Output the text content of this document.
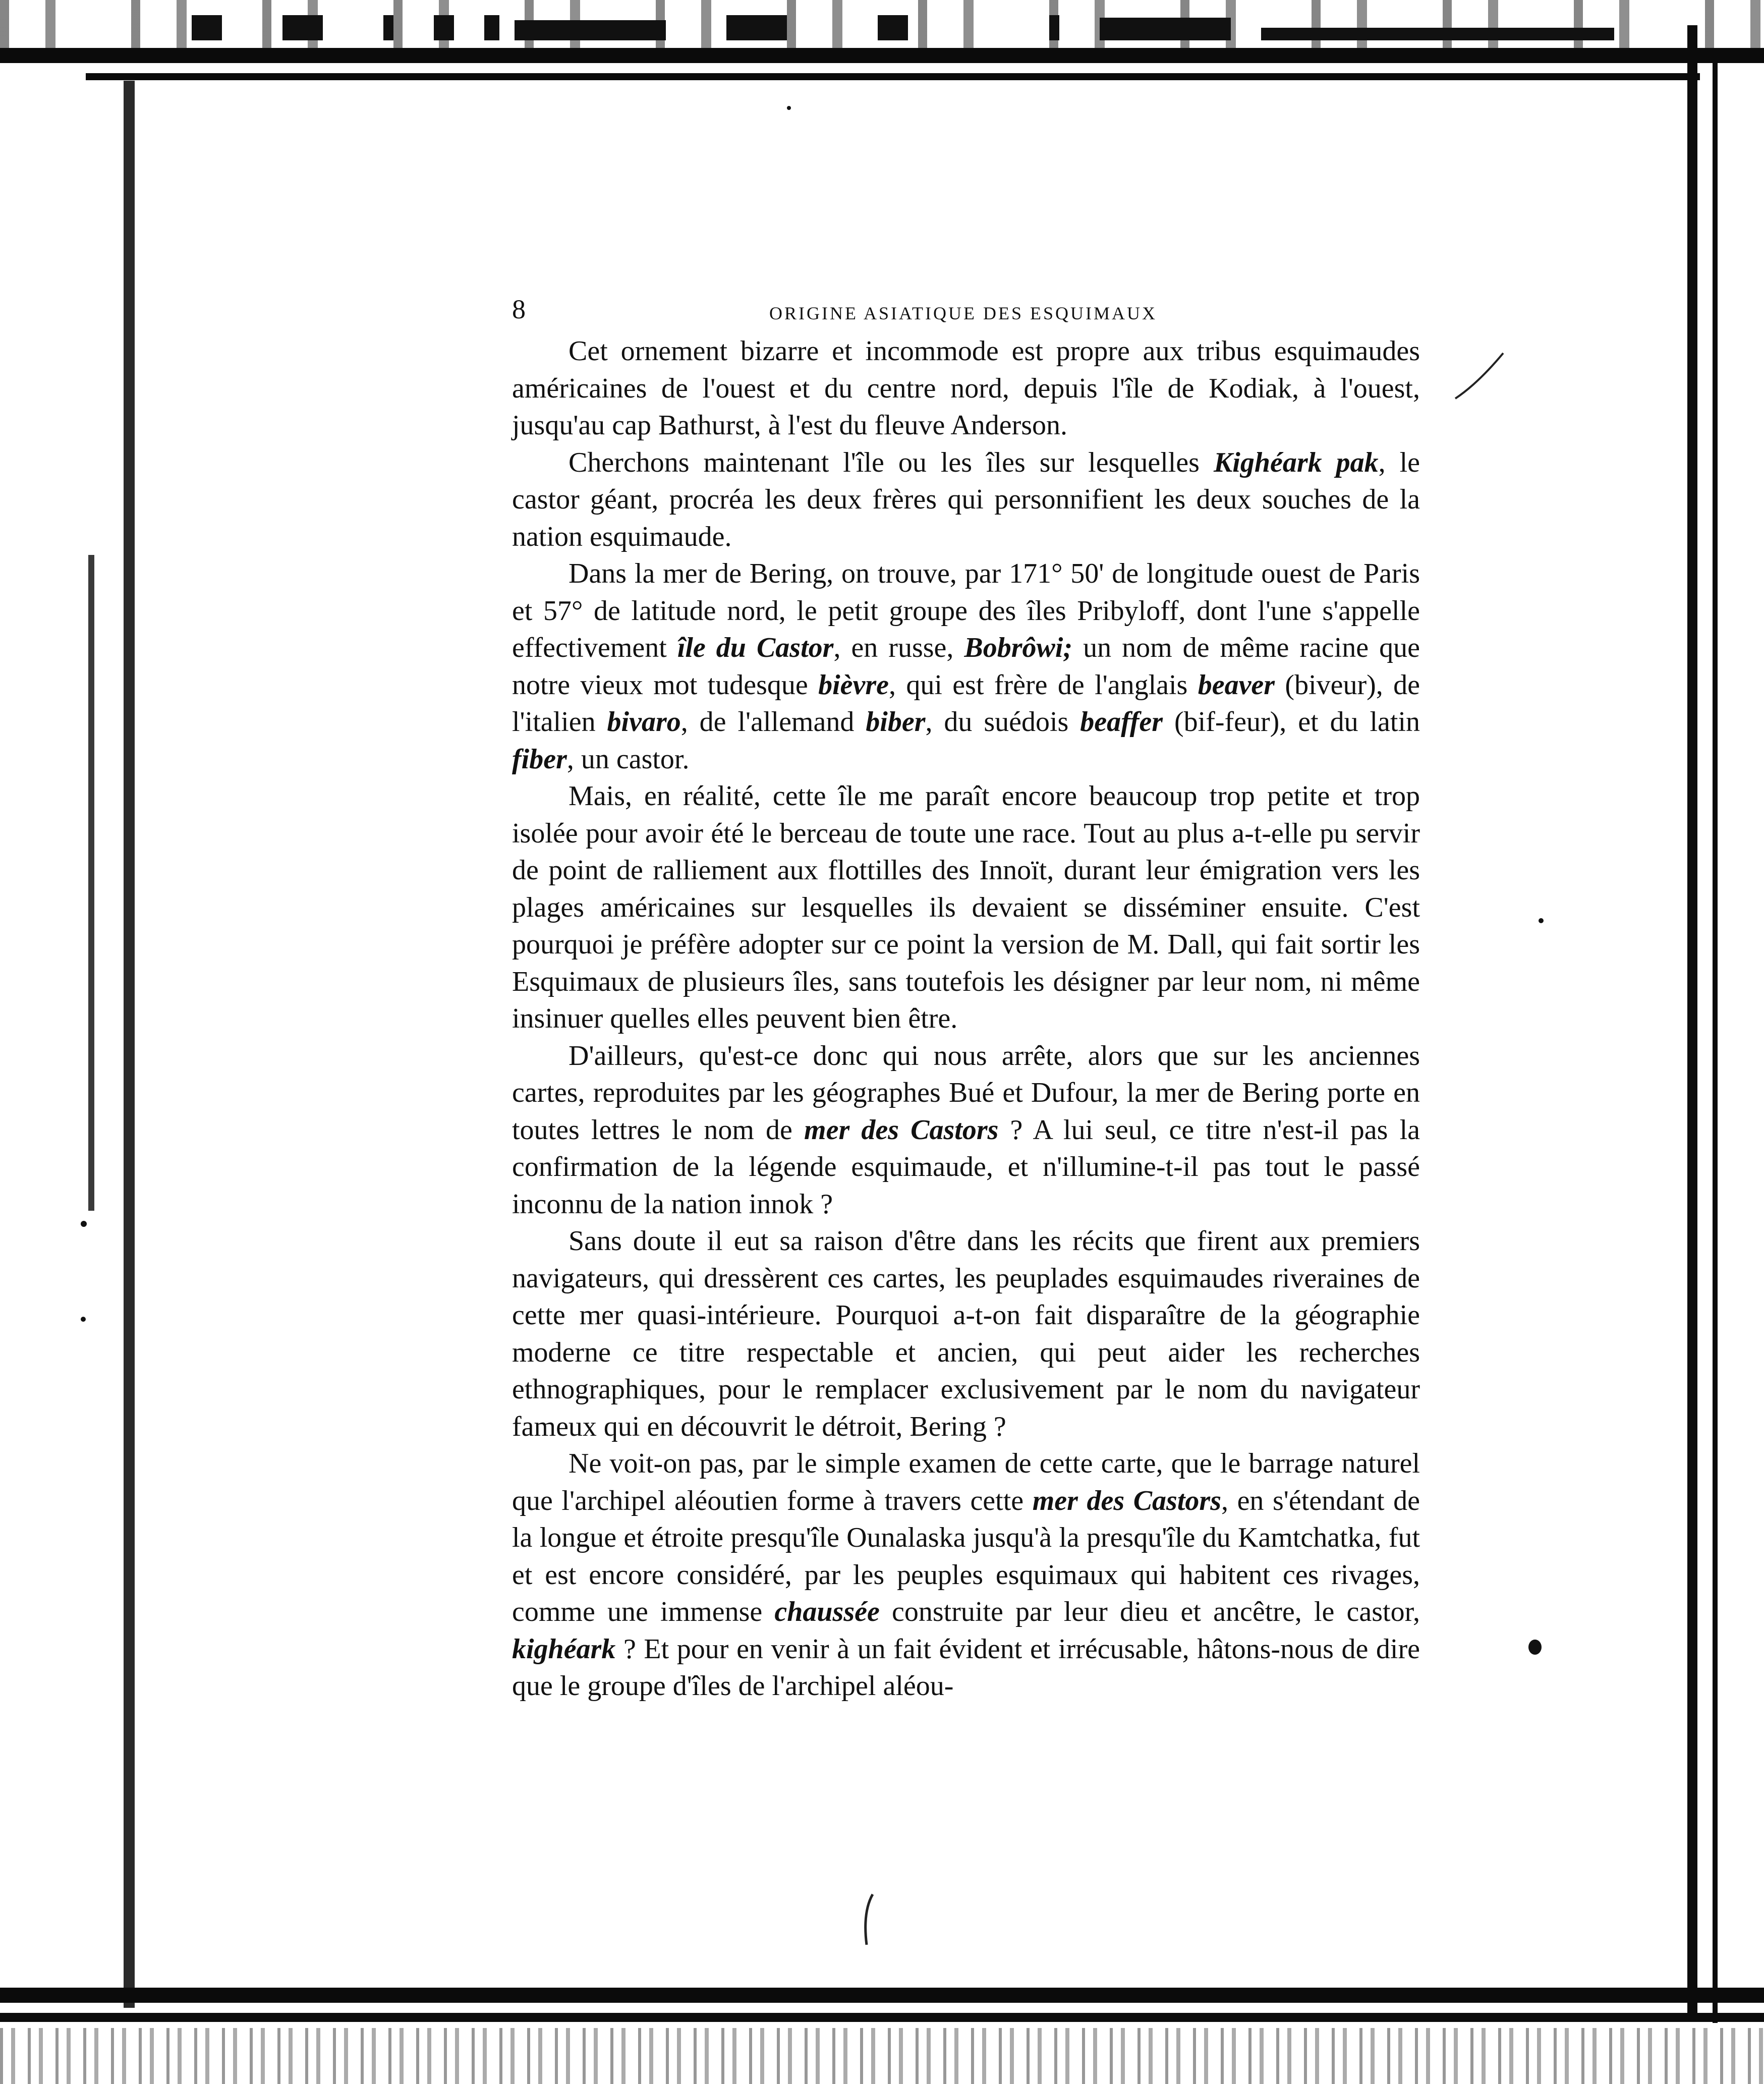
8	ORIGINE ASIATIQUE DES ESQUIMAUX

Cet ornement bizarre et incommode est propre aux tribus esquimaudes américaines de l'ouest et du centre nord, depuis l'île de Kodiak, à l'ouest, jusqu'au cap Bathurst, à l'est du fleuve Anderson.

Cherchons maintenant l'île ou les îles sur lesquelles Kighéark pak, le castor géant, procréa les deux frères qui personnifient les deux souches de la nation esquimaude.

Dans la mer de Bering, on trouve, par 171° 50' de longitude ouest de Paris et 57° de latitude nord, le petit groupe des îles Pribyloff, dont l'une s'appelle effectivement île du Castor, en russe, Bobrôwi; un nom de même racine que notre vieux mot tudesque bièvre, qui est frère de l'anglais beaver (biveur), de l'italien bivaro, de l'allemand biber, du suédois beaffer (bif-feur), et du latin fiber, un castor.

Mais, en réalité, cette île me paraît encore beaucoup trop petite et trop isolée pour avoir été le berceau de toute une race. Tout au plus a-t-elle pu servir de point de ralliement aux flottilles des Innoït, durant leur émigration vers les plages américaines sur lesquelles ils devaient se disséminer ensuite. C'est pourquoi je préfère adopter sur ce point la version de M. Dall, qui fait sortir les Esquimaux de plusieurs îles, sans toutefois les désigner par leur nom, ni même insinuer quelles elles peuvent bien être.

D'ailleurs, qu'est-ce donc qui nous arrête, alors que sur les anciennes cartes, reproduites par les géographes Bué et Dufour, la mer de Bering porte en toutes lettres le nom de mer des Castors ? A lui seul, ce titre n'est-il pas la confirmation de la légende esquimaude, et n'illumine-t-il pas tout le passé inconnu de la nation innok ?

Sans doute il eut sa raison d'être dans les récits que firent aux premiers navigateurs, qui dressèrent ces cartes, les peuplades esquimaudes riveraines de cette mer quasi-intérieure. Pourquoi a-t-on fait disparaître de la géographie moderne ce titre respectable et ancien, qui peut aider les recherches ethnographiques, pour le remplacer exclusivement par le nom du navigateur fameux qui en découvrit le détroit, Bering ?

Ne voit-on pas, par le simple examen de cette carte, que le barrage naturel que l'archipel aléoutien forme à travers cette mer des Castors, en s'étendant de la longue et étroite presqu'île Ounalaska jusqu'à la presqu'île du Kamtchatka, fut et est encore considéré, par les peuples esquimaux qui habitent ces rivages, comme une immense chaussée construite par leur dieu et ancêtre, le castor, kighéark ? Et pour en venir à un fait évident et irrécusable, hâtons-nous de dire que le groupe d'îles de l'archipel aléou-
